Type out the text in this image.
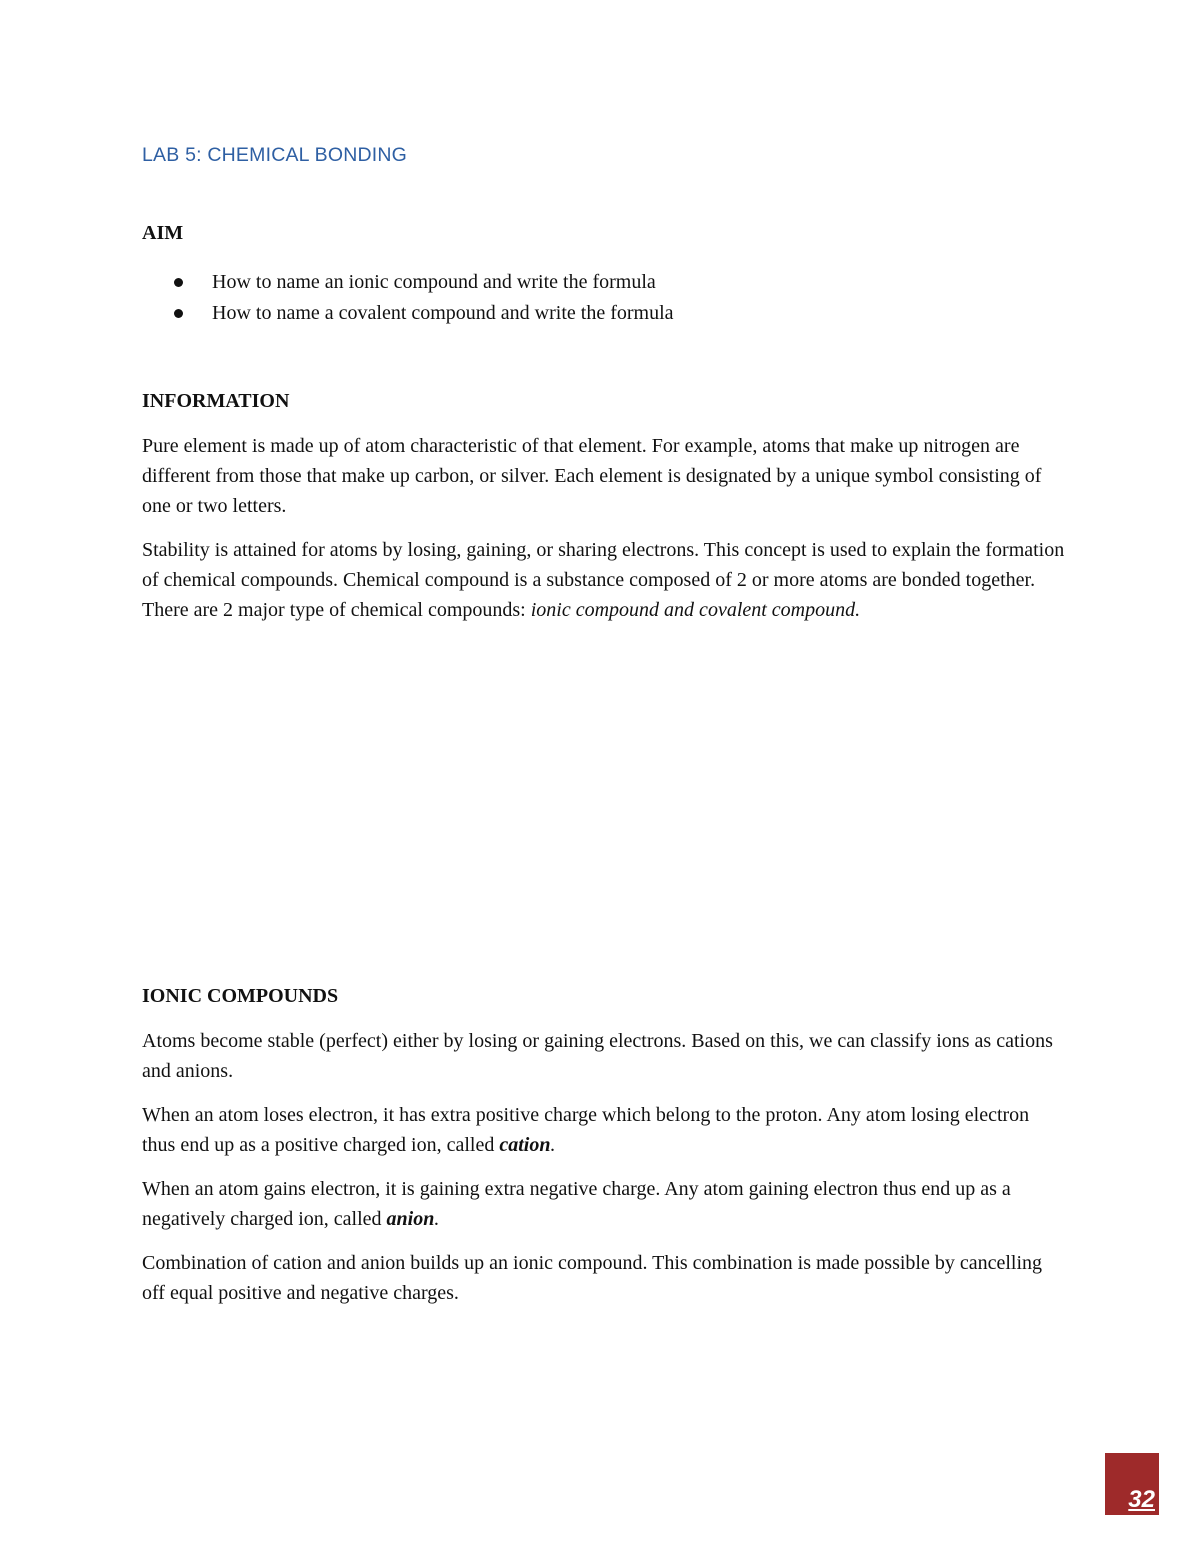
LAB 5: CHEMICAL BONDING
AIM
How to name an ionic compound and write the formula
How to name a covalent compound and write the formula
INFORMATION

Pure element is made up of atom characteristic of that element. For example, atoms that make up nitrogen are different from those that make up carbon, or silver. Each element is designated by a unique symbol consisting of one or two letters.

Stability is attained for atoms by losing, gaining, or sharing electrons. This concept is used to explain the formation of chemical compounds. Chemical compound is a substance composed of 2 or more atoms are bonded together. There are 2 major type of chemical compounds: ionic compound and covalent compound.

IONIC COMPOUNDS

Atoms become stable (perfect) either by losing or gaining electrons. Based on this, we can classify ions as cations and anions.

When an atom loses electron, it has extra positive charge which belong to the proton. Any atom losing electron thus end up as a positive charged ion, called cation.

When an atom gains electron, it is gaining extra negative charge. Any atom gaining electron thus end up as a negatively charged ion, called anion.

Combination of cation and anion builds up an ionic compound. This combination is made possible by cancelling off equal positive and negative charges.

32
